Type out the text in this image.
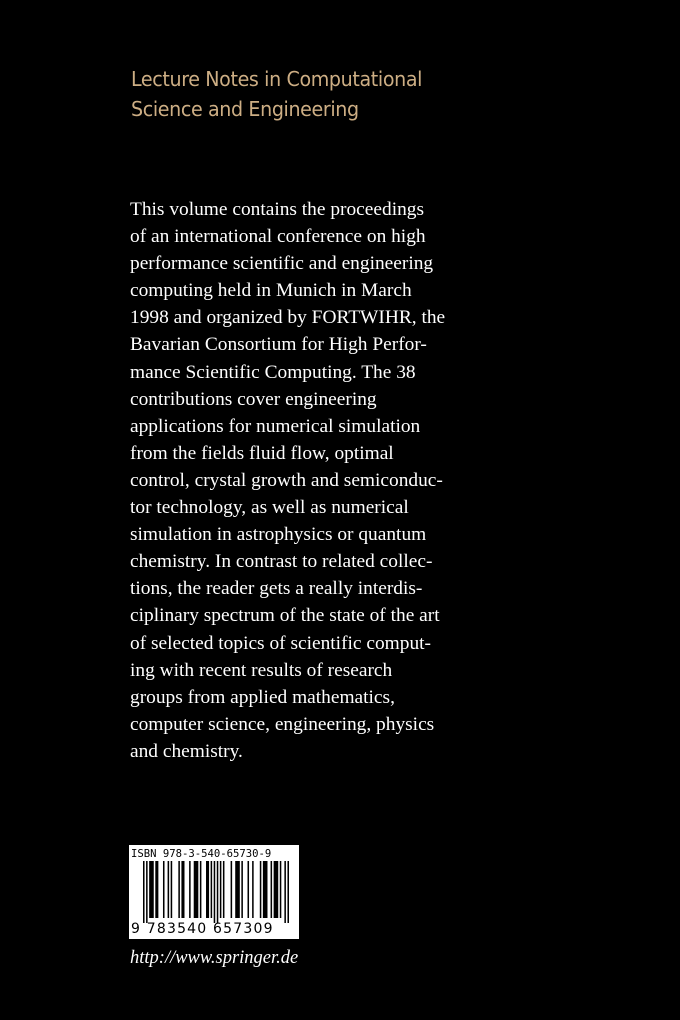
Lecture Notes in Computational
Science and Engineering

This volume contains the proceedings
of an international conference on high
performance scientific and engineering
computing held in Munich in March
1998 and organized by FORTWIHR, the
Bavarian Consortium for High Perfor-
mance Scientific Computing. The 38
contributions cover engineering
applications for numerical simulation
from the fields fluid flow, optimal
control, crystal growth and semiconduc-
tor technology, as well as numerical
simulation in astrophysics or quantum
chemistry. In contrast to related collec-
tions, the reader gets a really interdis-
ciplinary spectrum of the state of the art
of selected topics of scientific comput-
ing with recent results of research
groups from applied mathematics,
computer science, engineering, physics
and chemistry.

ISBN 978-3-540-65730-9
9 783540 657309
http://www.springer.de
